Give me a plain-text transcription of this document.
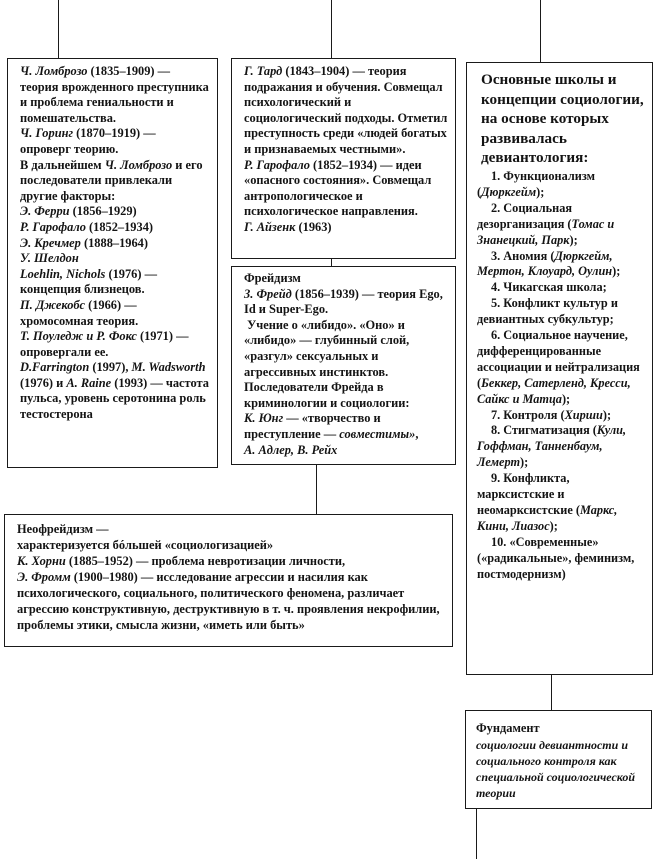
Ч. Ломброзо (1835–1909) — теория врожденного преступника и проблема гениальности и помешательства.

Ч. Горинг (1870–1919) — опроверг теорию.

В дальнейшем Ч. Ломброзо и его последователи привлекали другие факторы:

Э. Ферри (1856–1929)

Р. Гарофало (1852–1934)

Э. Кречмер (1888–1964)

У. Шелдон

Loehlin, Nichols (1976) — концепция близнецов.

П. Джекобс (1966) — хромосомная теория.

Т. Поуледж и Р. Фокс (1971) — опровергали ее.

D.Farrington (1997), M. Wadsworth (1976) и A. Raine (1993) — частота пульса, уровень серотонина роль тестостерона

Г. Тард (1843–1904) — теория подражания и обучения. Совмещал психологический и социологический подходы. Отметил преступность среди «людей богатых и признаваемых честными».

Р. Гарофало (1852–1934) — идеи «опасного состояния». Совмещал антропологическое и психологическое направления.

Г. Айзенк (1963)

Фрейдизм

З. Фрейд (1856–1939) — теория Ego, Id и Super-Ego.

Учение о «либидо». «Оно» и «либидо» — глубинный слой, «разгул» сексуальных и агрессивных инстинктов. Последователи Фрейда в криминологии и социологии:

К. Юнг — «творчество и преступление — совместимы»,

А. Адлер, В. Рейх

Неофрейдизм —

характеризуется бóльшей «социологизацией»

К. Хорни (1885–1952) — проблема невротизации личности,

Э. Фромм (1900–1980) — исследование агрессии и насилия как психологического, социального, политического феномена, различает агрессию конструктивную, деструктивную в т. ч. проявления некрофилии, проблемы этики, смысла жизни, «иметь или быть»

Основные школы и концепции социологии, на основе которых развивалась девиантология:

1. Функционализм (Дюркгейм);

2. Социальная дезорганизация (Томас и Знанецкий, Парк);

3. Аномия (Дюркгейм, Мертон, Клоуард, Оулин);

4. Чикагская школа;

5. Конфликт культур и девиантных субкультур;

6. Социальное научение, дифференцированные ассоциации и нейтрализация (Беккер, Сатерленд, Кресси, Сайкс и Матца);

7. Контроля (Хирши);

8. Стигматизация (Кули, Гоффман, Танненбаум, Лемерт);

9. Конфликта, марксистские и неомарксистские (Маркс, Кини, Лиазос);

10. «Современные» («радикальные», феминизм, постмодернизм)

Фундамент

социологии девиантности и социального контроля как специальной социологической теории
